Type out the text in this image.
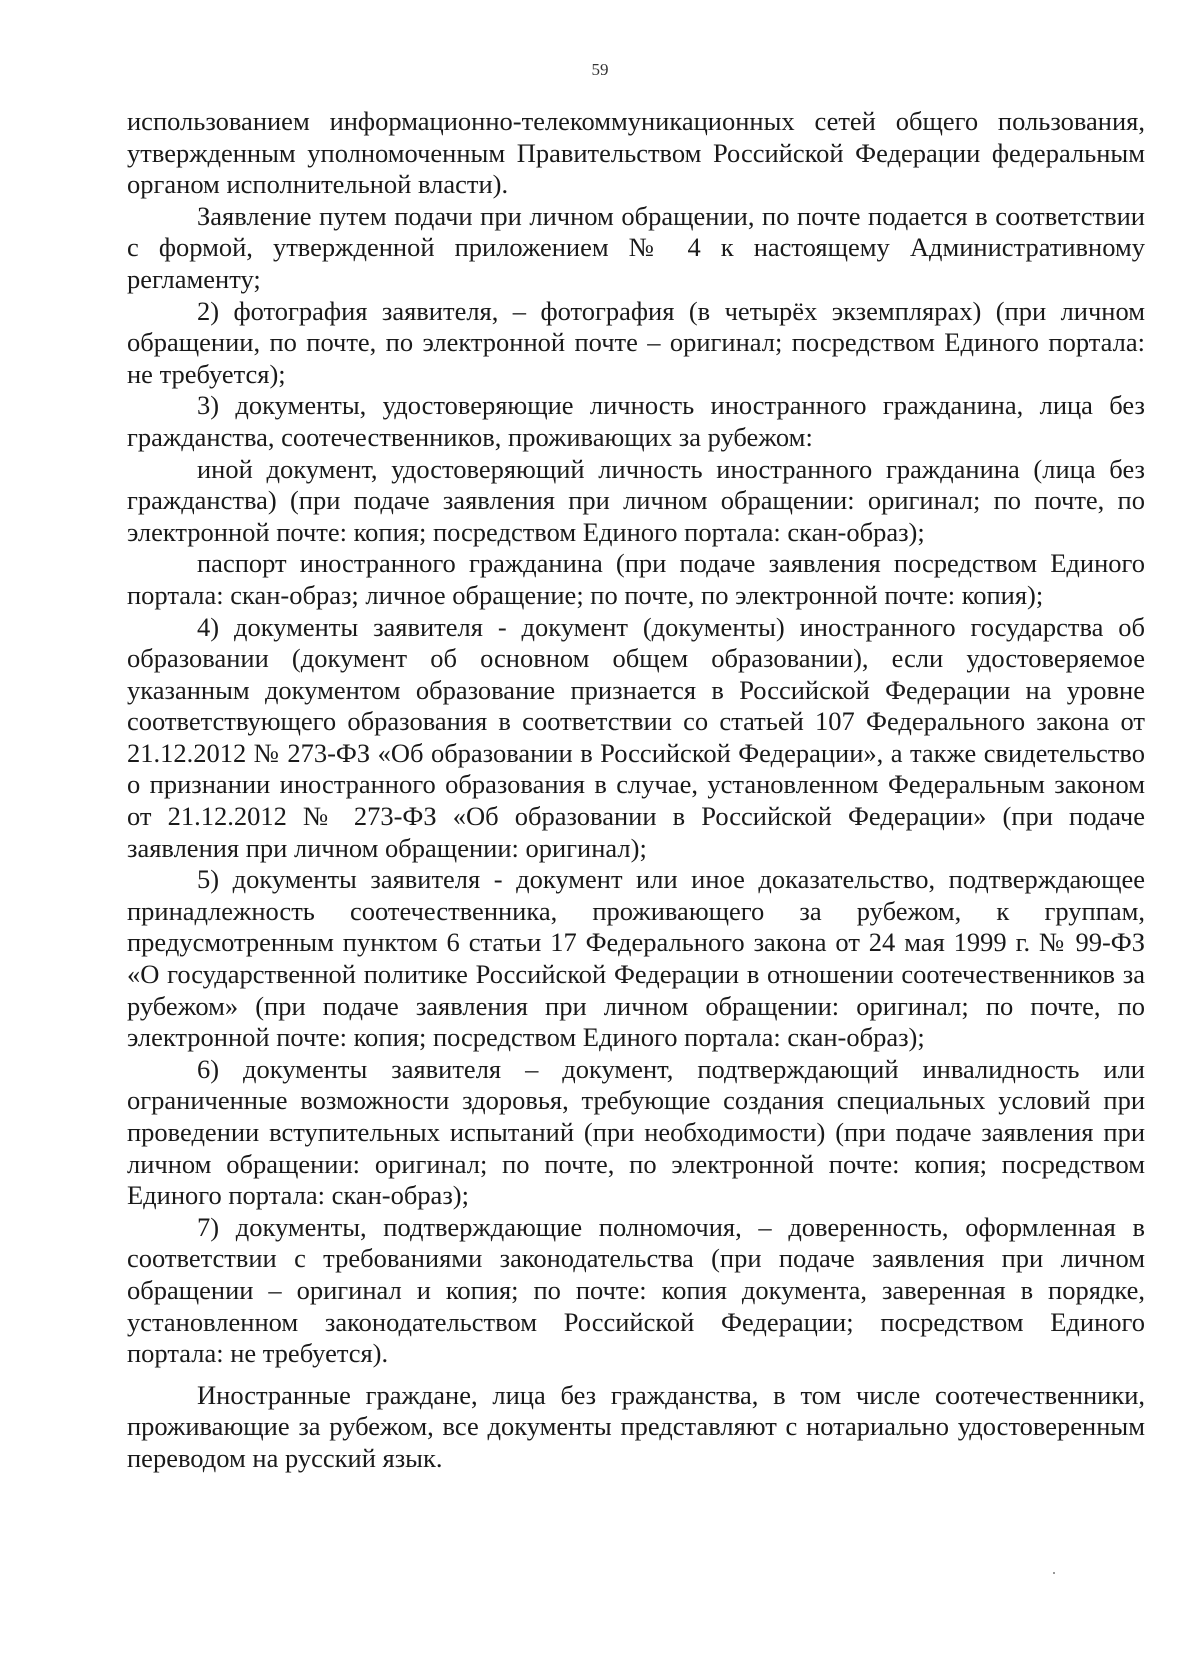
59

использованием информационно-телекоммуникационных сетей общего пользования, утвержденным уполномоченным Правительством Российской Федерации федеральным органом исполнительной власти).

Заявление путем подачи при личном обращении, по почте подается в соответствии с формой, утвержденной приложением № 4 к настоящему Административному регламенту;

2) фотография заявителя, – фотография (в четырёх экземплярах) (при личном обращении, по почте, по электронной почте – оригинал; посредством Единого портала: не требуется);

3) документы, удостоверяющие личность иностранного гражданина, лица без гражданства, соотечественников, проживающих за рубежом:

иной документ, удостоверяющий личность иностранного гражданина (лица без гражданства) (при подаче заявления при личном обращении: оригинал; по почте, по электронной почте: копия; посредством Единого портала: скан-образ);

паспорт иностранного гражданина (при подаче заявления посредством Единого портала: скан-образ; личное обращение; по почте, по электронной почте: копия);

4) документы заявителя - документ (документы) иностранного государства об образовании (документ об основном общем образовании), если удостоверяемое указанным документом образование признается в Российской Федерации на уровне соответствующего образования в соответствии со статьей 107 Федерального закона от 21.12.2012 № 273-ФЗ «Об образовании в Российской Федерации», а также свидетельство о признании иностранного образования в случае, установленном Федеральным законом от 21.12.2012 № 273-ФЗ «Об образовании в Российской Федерации» (при подаче заявления при личном обращении: оригинал);

5) документы заявителя - документ или иное доказательство, подтверждающее принадлежность соотечественника, проживающего за рубежом, к группам, предусмотренным пунктом 6 статьи 17 Федерального закона от 24 мая 1999 г. № 99-ФЗ «О государственной политике Российской Федерации в отношении соотечественников за рубежом» (при подаче заявления при личном обращении: оригинал; по почте, по электронной почте: копия; посредством Единого портала: скан-образ);

6) документы заявителя – документ, подтверждающий инвалидность или ограниченные возможности здоровья, требующие создания специальных условий при проведении вступительных испытаний (при необходимости) (при подаче заявления при личном обращении: оригинал; по почте, по электронной почте: копия; посредством Единого портала: скан-образ);

7) документы, подтверждающие полномочия, – доверенность, оформленная в соответствии с требованиями законодательства (при подаче заявления при личном обращении – оригинал и копия; по почте: копия документа, заверенная в порядке, установленном законодательством Российской Федерации; посредством Единого портала: не требуется).

Иностранные граждане, лица без гражданства, в том числе соотечественники, проживающие за рубежом, все документы представляют с нотариально удостоверенным переводом на русский язык.
